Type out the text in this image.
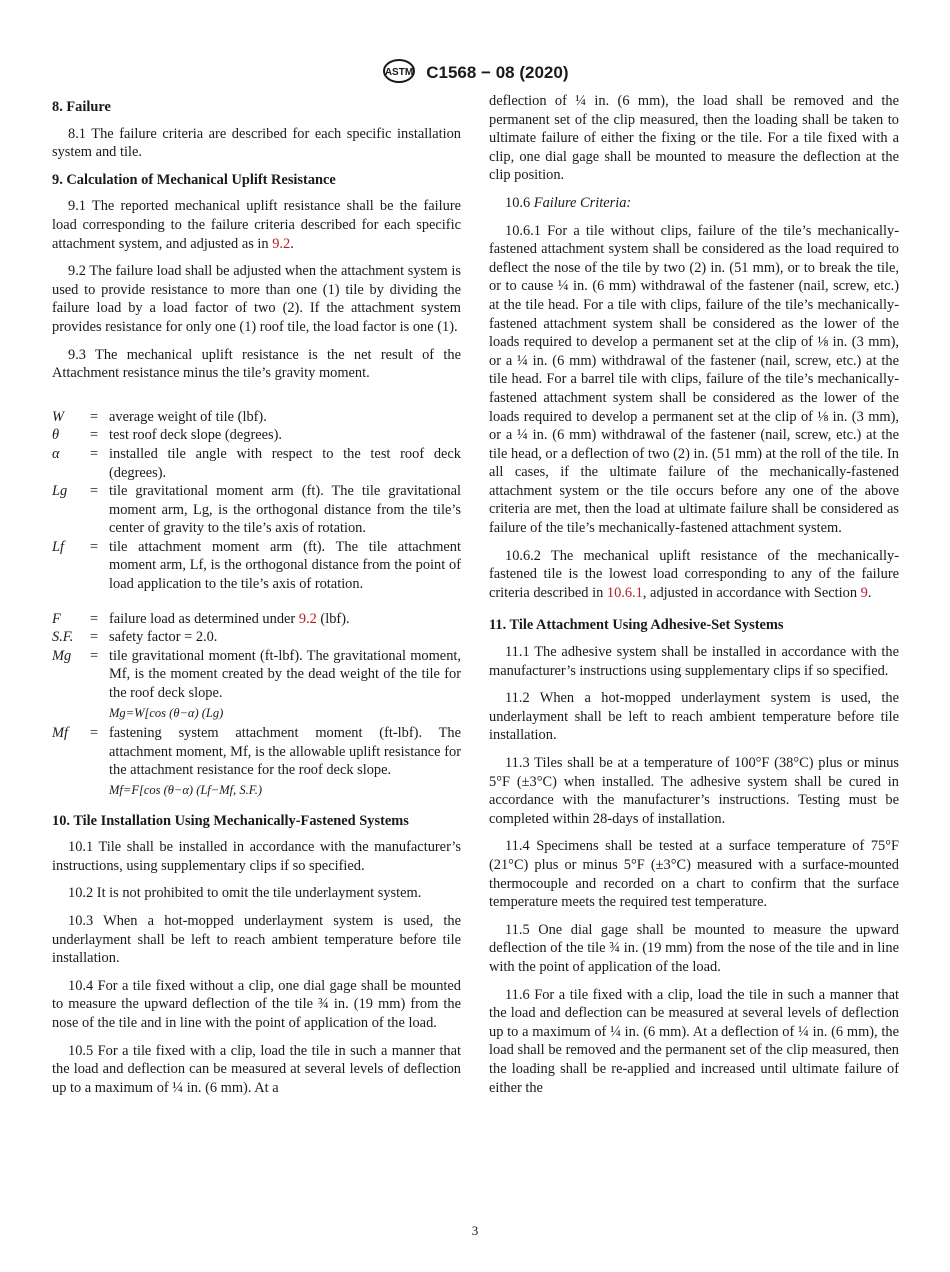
ASTM C1568 − 08 (2020)
8. Failure

8.1 The failure criteria are described for each specific installation system and tile.

9. Calculation of Mechanical Uplift Resistance

9.1 The reported mechanical uplift resistance shall be the failure load corresponding to the failure criteria described for each specific attachment system, and adjusted as in 9.2.

9.2 The failure load shall be adjusted when the attachment system is used to provide resistance to more than one (1) tile by dividing the failure load by a load factor of two (2). If the attachment system provides resistance for only one (1) roof tile, the load factor is one (1).

9.3 The mechanical uplift resistance is the net result of the Attachment resistance minus the tile’s gravity moment.

W	= average weight of tile (lbf).
θ	= test roof deck slope (degrees).
α	= installed tile angle with respect to the test roof deck (degrees).
Lg	= tile gravitational moment arm (ft). The tile gravitational moment arm, Lg, is the orthogonal distance from the tile’s center of gravity to the tile’s axis of rotation.
Lf	= tile attachment moment arm (ft). The tile attachment moment arm, Lf, is the orthogonal distance from the point of load application to the tile’s axis of rotation.
F	= failure load as determined under 9.2 (lbf).
S.F.	= safety factor = 2.0.
Mg	= tile gravitational moment (ft-lbf). The gravitational moment, Mf, is the moment created by the dead weight of the tile for the roof deck slope.
Mg=W[cos (θ−α) (Lg)
Mf	= fastening system attachment moment (ft-lbf). The attachment moment, Mf, is the allowable uplift resistance for the attachment resistance for the roof deck slope.
Mf=F[cos (θ−α) (Lf−Mf, S.F.)
10. Tile Installation Using Mechanically-Fastened Systems

10.1 Tile shall be installed in accordance with the manufacturer’s instructions, using supplementary clips if so specified.

10.2 It is not prohibited to omit the tile underlayment system.

10.3 When a hot-mopped underlayment system is used, the underlayment shall be left to reach ambient temperature before tile installation.

10.4 For a tile fixed without a clip, one dial gage shall be mounted to measure the upward deflection of the tile ¾ in. (19 mm) from the nose of the tile and in line with the point of application of the load.

10.5 For a tile fixed with a clip, load the tile in such a manner that the load and deflection can be measured at several levels of deflection up to a maximum of ¼ in. (6 mm). At a

deflection of ¼ in. (6 mm), the load shall be removed and the permanent set of the clip measured, then the loading shall be taken to ultimate failure of either the fixing or the tile. For a tile fixed with a clip, one dial gage shall be mounted to measure the deflection at the clip position.

10.6 Failure Criteria:

10.6.1 For a tile without clips, failure of the tile’s mechanically-fastened attachment system shall be considered as the load required to deflect the nose of the tile by two (2) in. (51 mm), or to break the tile, or to cause ¼ in. (6 mm) withdrawal of the fastener (nail, screw, etc.) at the tile head. For a tile with clips, failure of the tile’s mechanically-fastened attachment system shall be considered as the lower of the loads required to develop a permanent set at the clip of ⅛ in. (3 mm), or a ¼ in. (6 mm) withdrawal of the fastener (nail, screw, etc.) at the tile head. For a barrel tile with clips, failure of the tile’s mechanically-fastened attachment system shall be considered as the lower of the loads required to develop a permanent set at the clip of ⅛ in. (3 mm), or a ¼ in. (6 mm) withdrawal of the fastener (nail, screw, etc.) at the tile head, or a deflection of two (2) in. (51 mm) at the roll of the tile. In all cases, if the ultimate failure of the mechanically-fastened attachment system or the tile occurs before any one of the above criteria are met, then the load at ultimate failure shall be considered as failure of the tile’s mechanically-fastened attachment system.

10.6.2 The mechanical uplift resistance of the mechanically-fastened tile is the lowest load corresponding to any of the failure criteria described in 10.6.1, adjusted in accordance with Section 9.

11. Tile Attachment Using Adhesive-Set Systems

11.1 The adhesive system shall be installed in accordance with the manufacturer’s instructions using supplementary clips if so specified.

11.2 When a hot-mopped underlayment system is used, the underlayment shall be left to reach ambient temperature before tile installation.

11.3 Tiles shall be at a temperature of 100°F (38°C) plus or minus 5°F (±3°C) when installed. The adhesive system shall be cured in accordance with the manufacturer’s instructions. Testing must be completed within 28-days of installation.

11.4 Specimens shall be tested at a surface temperature of 75°F (21°C) plus or minus 5°F (±3°C) measured with a surface-mounted thermocouple and recorded on a chart to confirm that the surface temperature meets the required test temperature.

11.5 One dial gage shall be mounted to measure the upward deflection of the tile ¾ in. (19 mm) from the nose of the tile and in line with the point of application of the load.

11.6 For a tile fixed with a clip, load the tile in such a manner that the load and deflection can be measured at several levels of deflection up to a maximum of ¼ in. (6 mm). At a deflection of ¼ in. (6 mm), the load shall be removed and the permanent set of the clip measured, then the loading shall be re-applied and increased until ultimate failure of either the

3
